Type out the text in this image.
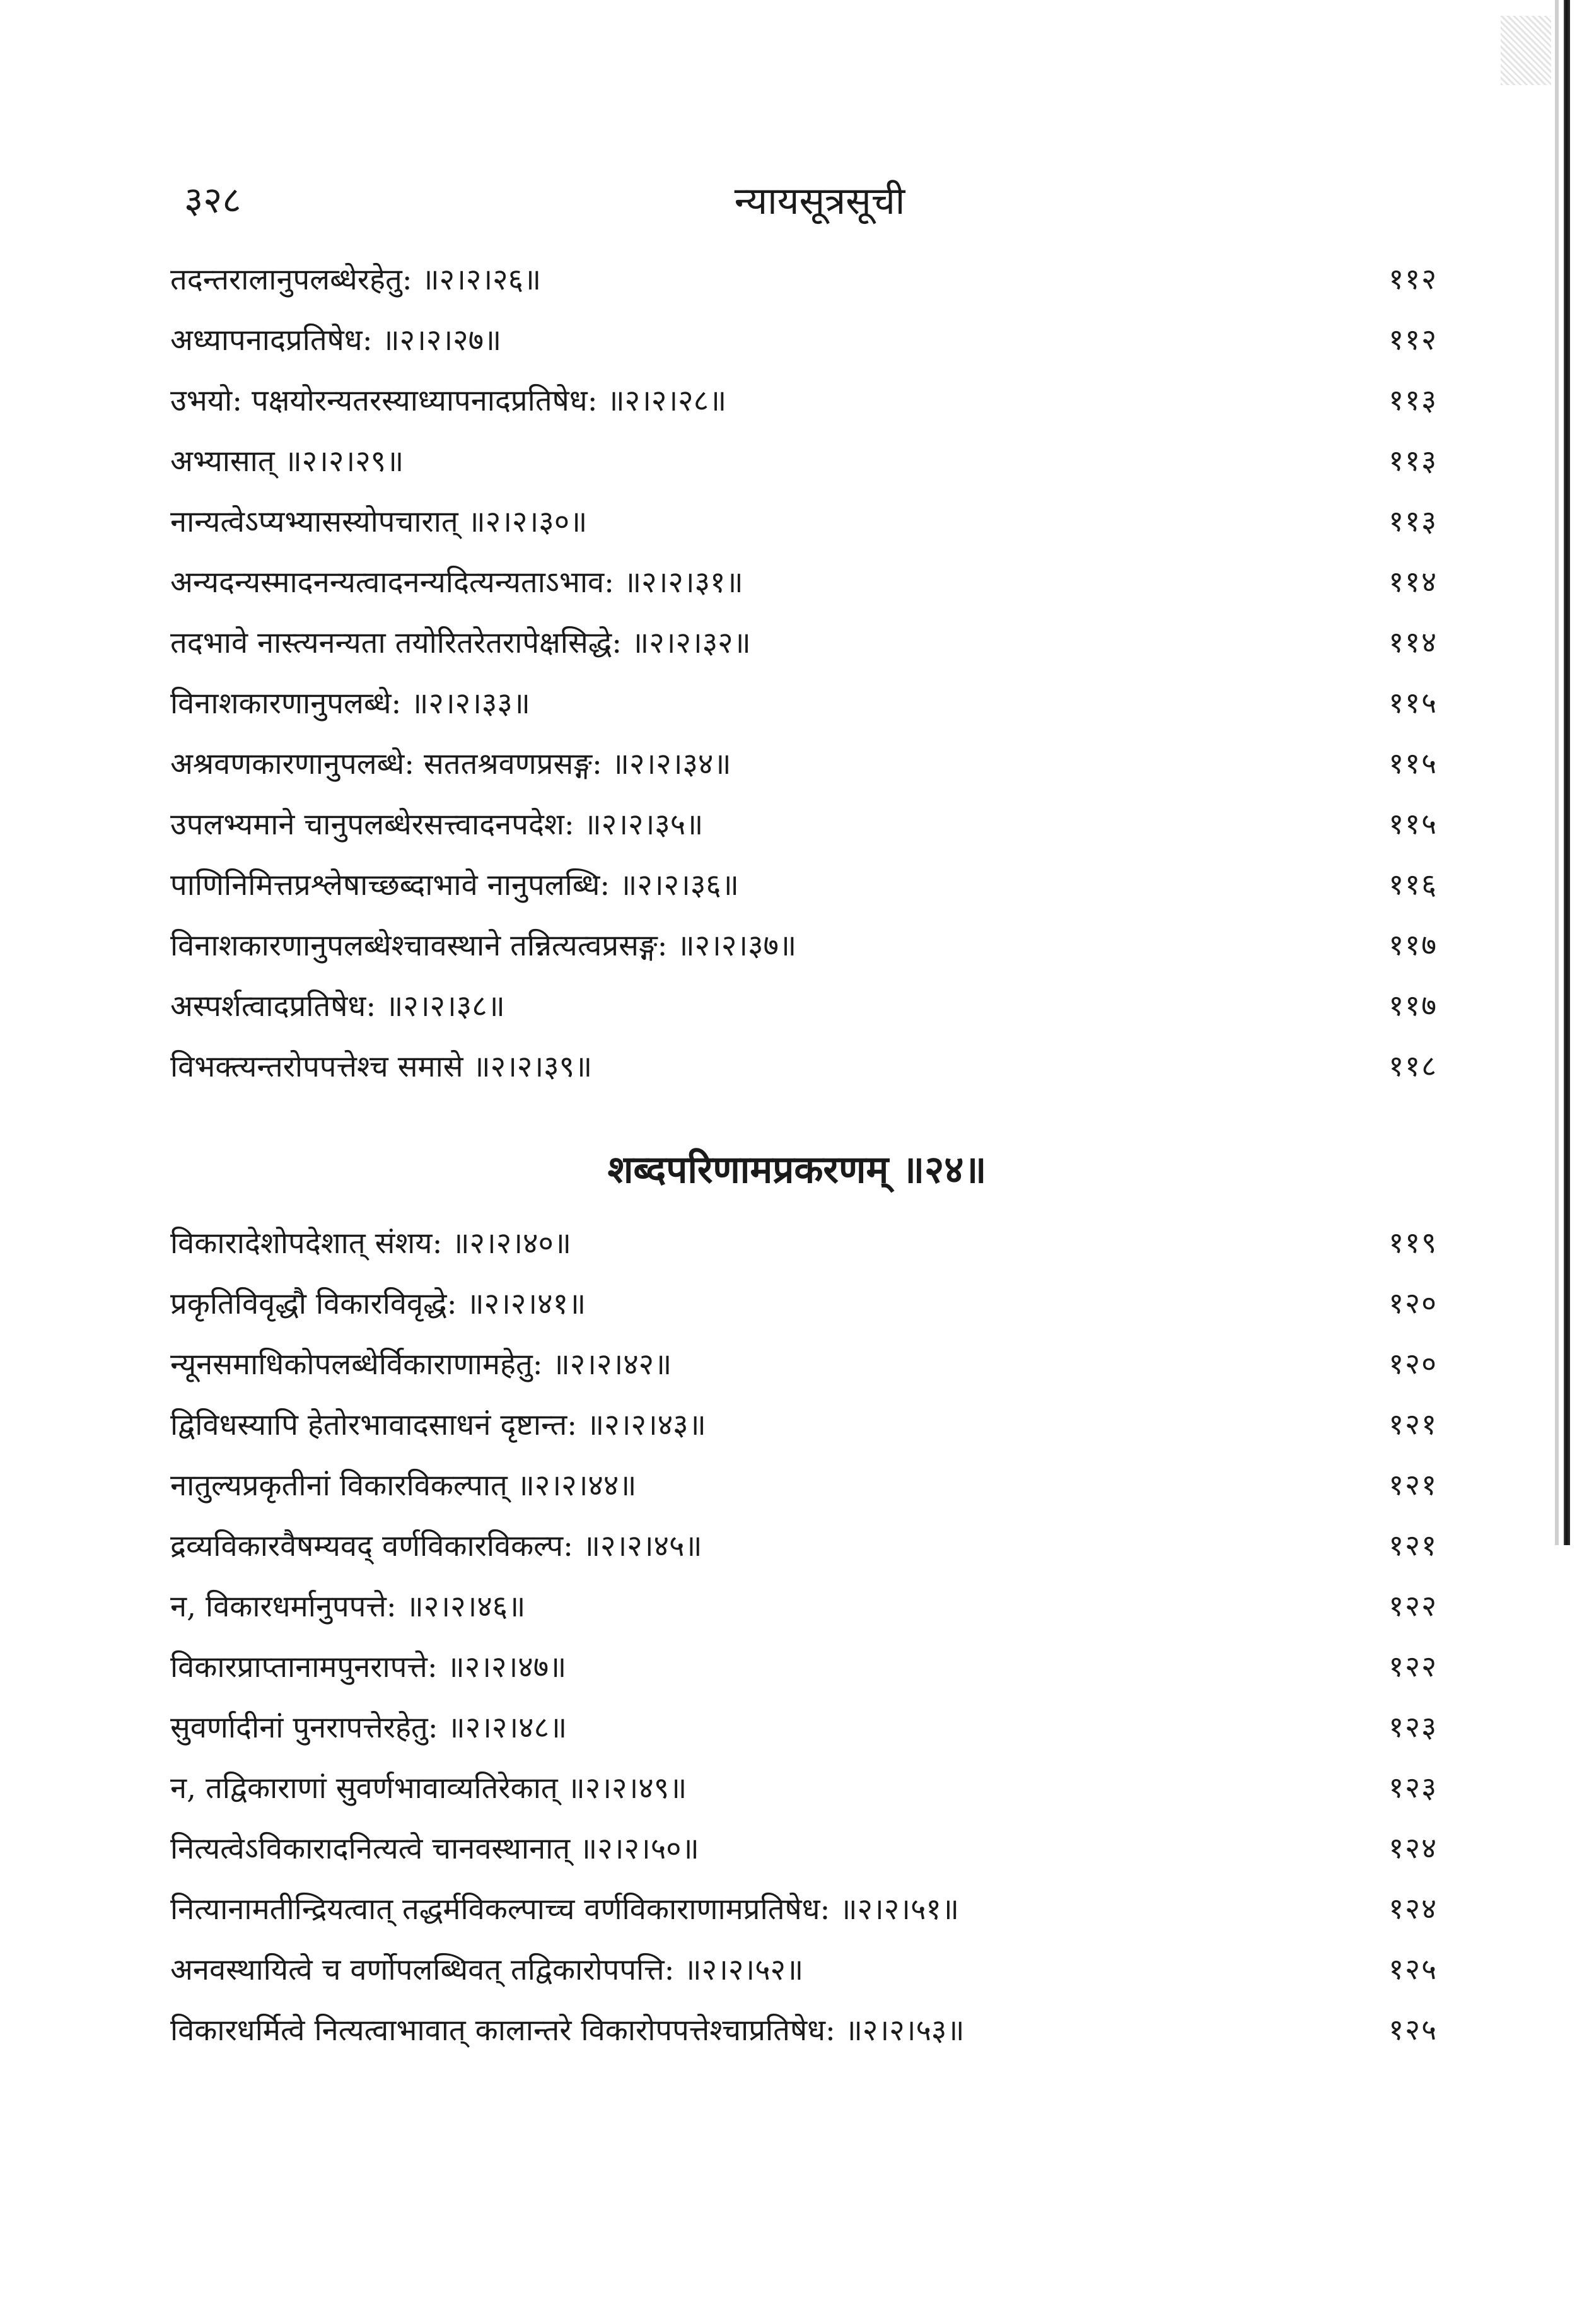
३२८	न्यायसूत्रसूची
तदन्तरालानुपलब्धेरहेतु: ॥२।२।२६॥	११२
अध्यापनादप्रतिषेध: ॥२।२।२७॥	११२
उभयो: पक्षयोरन्यतरस्याध्यापनादप्रतिषेध: ॥२।२।२८॥	११३
अभ्यासात् ॥२।२।२९॥	११३
नान्यत्वेऽप्यभ्यासस्योपचारात् ॥२।२।३०॥	११३
अन्यदन्यस्मादनन्यत्वादनन्यदित्यन्यताऽभाव: ॥२।२।३१॥	११४
तदभावे नास्त्यनन्यता तयोरितरेतरापेक्षसिद्धे: ॥२।२।३२॥	११४
विनाशकारणानुपलब्धे: ॥२।२।३३॥	११५
अश्रवणकारणानुपलब्धे: सततश्रवणप्रसङ्ग: ॥२।२।३४॥	११५
उपलभ्यमाने चानुपलब्धेरसत्त्वादनपदेश: ॥२।२।३५॥	११५
पाणिनिमित्तप्रश्लेषाच्छब्दाभावे नानुपलब्धि: ॥२।२।३६॥	११६
विनाशकारणानुपलब्धेश्चावस्थाने तन्नित्यत्वप्रसङ्ग: ॥२।२।३७॥	११७
अस्पर्शत्वादप्रतिषेध: ॥२।२।३८॥	११७
विभक्त्यन्तरोपपत्तेश्च समासे ॥२।२।३९॥	११८
शब्दपरिणामप्रकरणम् ॥२४॥
विकारादेशोपदेशात् संशय: ॥२।२।४०॥	११९
प्रकृतिविवृद्धौ विकारविवृद्धे: ॥२।२।४१॥	१२०
न्यूनसमाधिकोपलब्धेर्विकाराणामहेतु: ॥२।२।४२॥	१२०
द्विविधस्यापि हेतोरभावादसाधनं दृष्टान्त: ॥२।२।४३॥	१२१
नातुल्यप्रकृतीनां विकारविकल्पात् ॥२।२।४४॥	१२१
द्रव्यविकारवैषम्यवद् वर्णविकारविकल्प: ॥२।२।४५॥	१२१
न, विकारधर्मानुपपत्ते: ॥२।२।४६॥	१२२
विकारप्राप्तानामपुनरापत्ते: ॥२।२।४७॥	१२२
सुवर्णादीनां पुनरापत्तेरहेतु: ॥२।२।४८॥	१२३
न, तद्विकाराणां सुवर्णभावाव्यतिरेकात् ॥२।२।४९॥	१२३
नित्यत्वेऽविकारादनित्यत्वे चानवस्थानात् ॥२।२।५०॥	१२४
नित्यानामतीन्द्रियत्वात् तद्धर्मविकल्पाच्च वर्णविकाराणामप्रतिषेध: ॥२।२।५१॥	१२४
अनवस्थायित्वे च वर्णोपलब्धिवत् तद्विकारोपपत्ति: ॥२।२।५२॥	१२५
विकारधर्मित्वे नित्यत्वाभावात् कालान्तरे विकारोपपत्तेश्चाप्रतिषेध: ॥२।२।५३॥	१२५
